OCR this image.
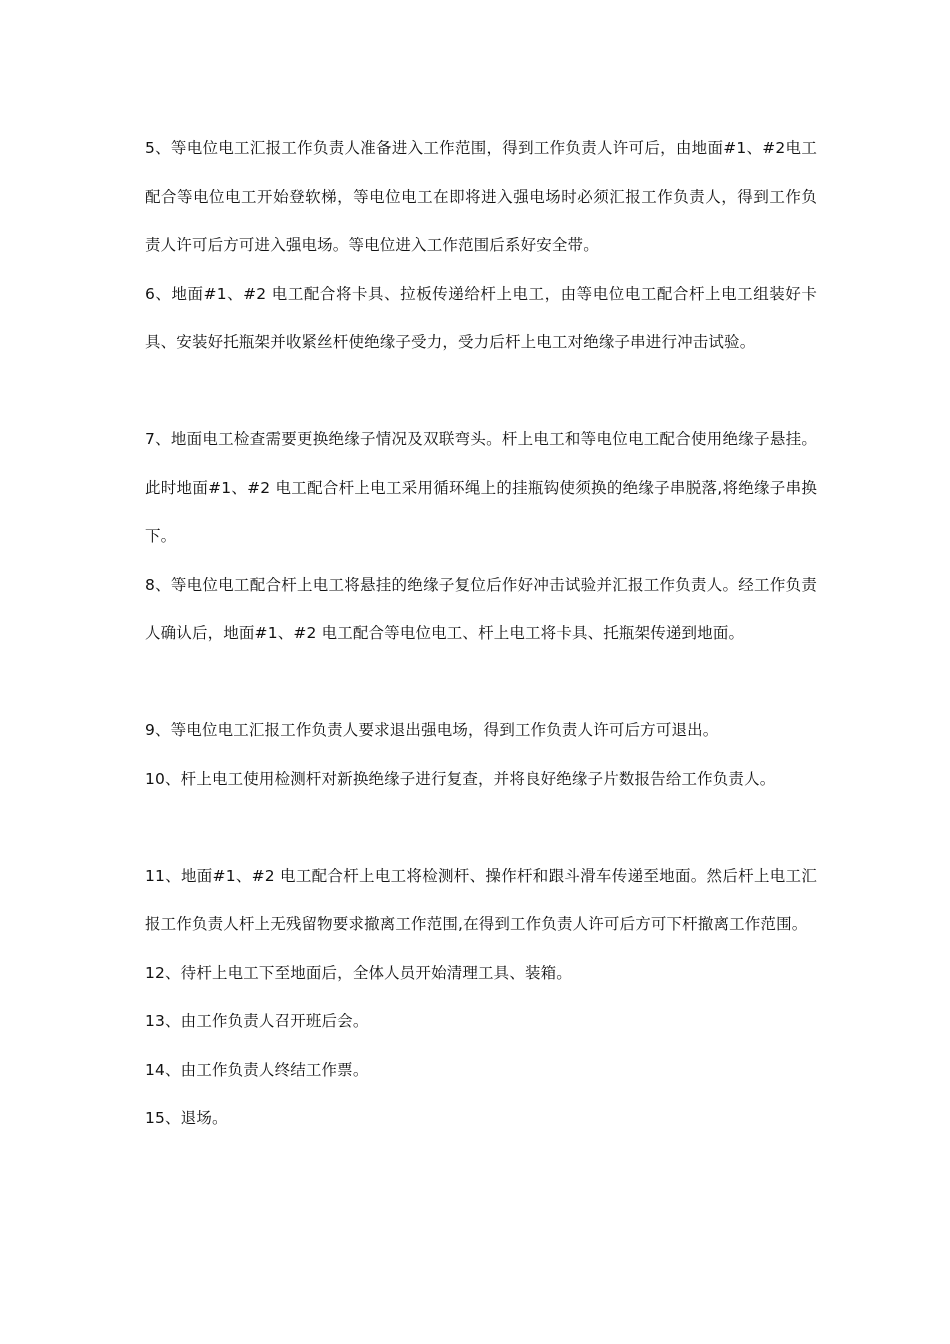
5、等电位电工汇报工作负责人准备进入工作范围，得到工作负责人许可后，由地面#1、#2电工配合等电位电工开始登软梯，等电位电工在即将进入强电场时必须汇报工作负责人，得到工作负责人许可后方可进入强电场。等电位进入工作范围后系好安全带。

6、地面#1、#2 电工配合将卡具、拉板传递给杆上电工，由等电位电工配合杆上电工组装好卡具、安装好托瓶架并收紧丝杆使绝缘子受力，受力后杆上电工对绝缘子串进行冲击试验。

7、地面电工检查需要更换绝缘子情况及双联弯头。杆上电工和等电位电工配合使用绝缘子悬挂。此时地面#1、#2 电工配合杆上电工采用循环绳上的挂瓶钩使须换的绝缘子串脱落,将绝缘子串换下。

8、等电位电工配合杆上电工将悬挂的绝缘子复位后作好冲击试验并汇报工作负责人。经工作负责人确认后，地面#1、#2 电工配合等电位电工、杆上电工将卡具、托瓶架传递到地面。

9、等电位电工汇报工作负责人要求退出强电场，得到工作负责人许可后方可退出。

10、杆上电工使用检测杆对新换绝缘子进行复查，并将良好绝缘子片数报告给工作负责人。

11、地面#1、#2 电工配合杆上电工将检测杆、操作杆和跟斗滑车传递至地面。然后杆上电工汇报工作负责人杆上无残留物要求撤离工作范围,在得到工作负责人许可后方可下杆撤离工作范围。

12、待杆上电工下至地面后，全体人员开始清理工具、装箱。

13、由工作负责人召开班后会。

14、由工作负责人终结工作票。

15、退场。
